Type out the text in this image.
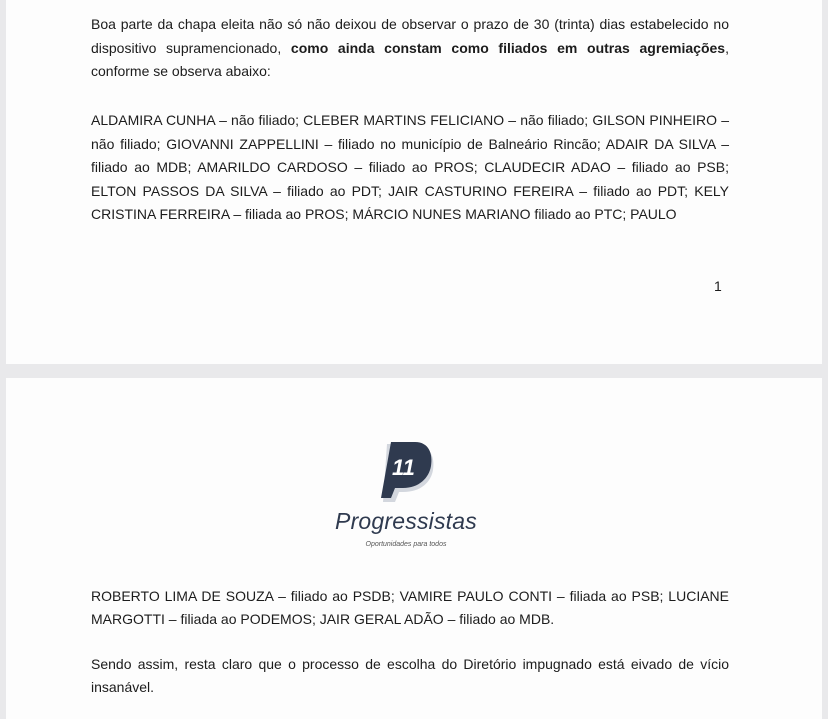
Boa parte da chapa eleita não só não deixou de observar o prazo de 30 (trinta) dias estabelecido no dispositivo supramencionado, como ainda constam como filiados em outras agremiações, conforme se observa abaixo:

ALDAMIRA CUNHA – não filiado; CLEBER MARTINS FELICIANO – não filiado; GILSON PINHEIRO – não filiado; GIOVANNI ZAPPELLINI – filiado no município de Balneário Rincão; ADAIR DA SILVA – filiado ao MDB; AMARILDO CARDOSO – filiado ao PROS; CLAUDECIR ADAO – filiado ao PSB; ELTON PASSOS DA SILVA – filiado ao PDT; JAIR CASTURINO FEREIRA – filiado ao PDT; KELY CRISTINA FERREIRA – filiada ao PROS; MÁRCIO NUNES MARIANO filiado ao PTC; PAULO

1
11
Progressistas
Oportunidades para todos

ROBERTO LIMA DE SOUZA – filiado ao PSDB; VAMIRE PAULO CONTI – filiada ao PSB; LUCIANE MARGOTTI – filiada ao PODEMOS; JAIR GERAL ADÃO – filiado ao MDB.

Sendo assim, resta claro que o processo de escolha do Diretório impugnado está eivado de vício insanável.
